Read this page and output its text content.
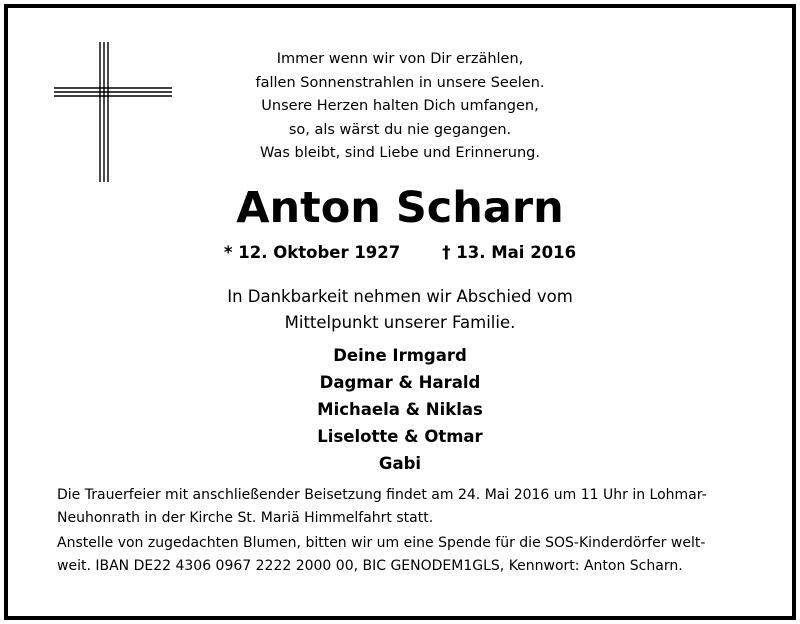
Immer wenn wir von Dir erzählen,
fallen Sonnenstrahlen in unsere Seelen.
Unsere Herzen halten Dich umfangen,
so, als wärst du nie gegangen.
Was bleibt, sind Liebe und Erinnerung.
Anton Scharn
* 12. Oktober 1927	† 13. Mai 2016
In Dankbarkeit nehmen wir Abschied vom
Mittelpunkt unserer Familie.
Deine Irmgard
Dagmar & Harald
Michaela & Niklas
Liselotte & Otmar
Gabi
Die Trauerfeier mit anschließender Beisetzung findet am 24. Mai 2016 um 11 Uhr in Lohmar-
Neuhonrath in der Kirche St. Mariä Himmelfahrt statt.
Anstelle von zugedachten Blumen, bitten wir um eine Spende für die SOS-Kinderdörfer welt-
weit. IBAN DE22 4306 0967 2222 2000 00, BIC GENODEM1GLS, Kennwort: Anton Scharn.
